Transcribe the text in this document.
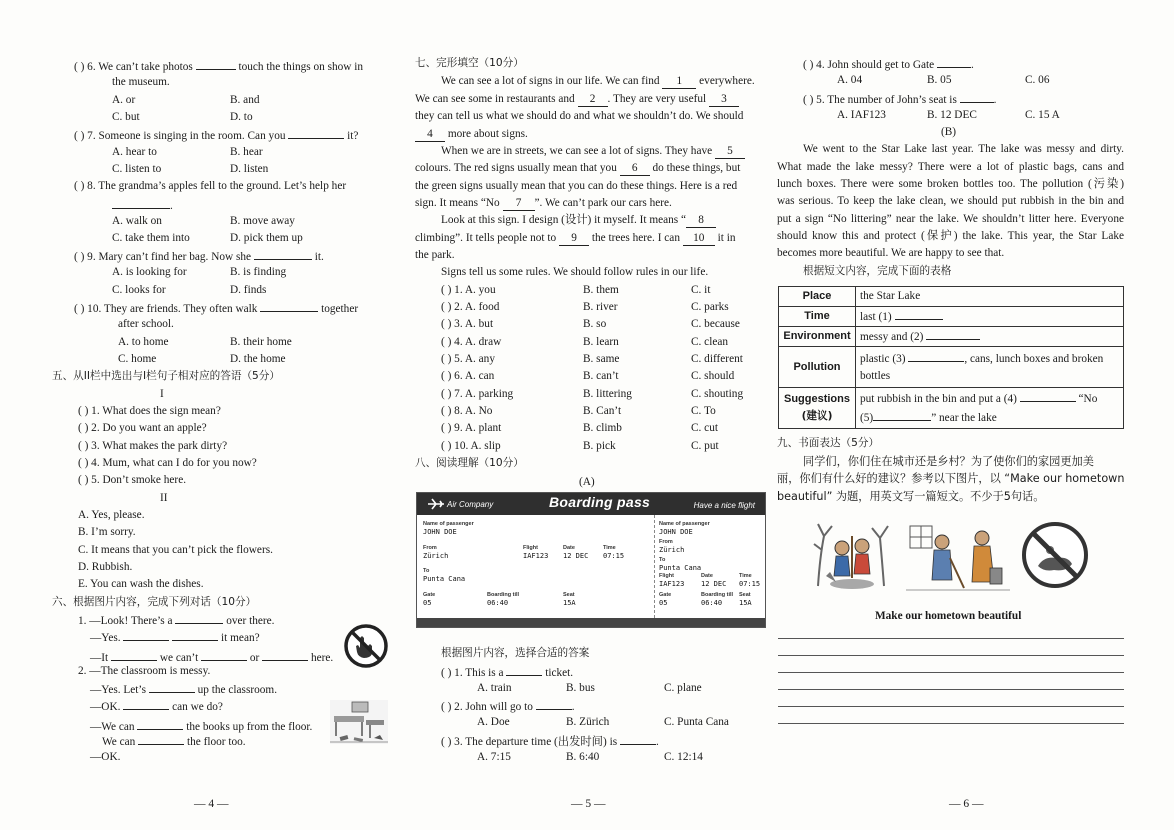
( ) 6. We can’t take photos	touch the things on show in
the museum.
A. or	B. and
C. but	D. to
( ) 7. Someone is singing in the room. Can you	it?
A. hear to	B. hear
C. listen to	D. listen
( ) 8. The grandma’s apples fell to the ground. Let’s help her
.
A. walk on	B. move away
C. take them into	D. pick them up
( ) 9. Mary can’t find her bag. Now she	it.
A. is looking for	B. is finding
C. looks for	D. finds
( ) 10. They are friends. They often walk	together
after school.
A. to home	B. their home
C. home	D. the home
五、从II栏中选出与I栏句子相对应的答语（5分）
I
( ) 1. What does the sign mean?
( ) 2. Do you want an apple?
( ) 3. What makes the park dirty?
( ) 4. Mum, what can I do for you now?
( ) 5. Don’t smoke here.
II
A. Yes, please.
B. I’m sorry.
C. It means that you can’t pick the flowers.
D. Rubbish.
E. You can wash the dishes.
六、根据图片内容，完成下列对话（10分）
1. —Look! There’s a	over there.
—Yes.	it mean?
—It	we can’t	or	here.
2. —The classroom is messy.
—Yes. Let’s	up the classroom.
—OK.	can we do?
—We can	the books up from the floor.
We can	the floor too.
—OK.
— 4 —
七、完形填空（10分）
We can see a lot of signs in our life. We can find 1 everywhere.
We can see some in restaurants and 2 . They are very useful 3
they can tell us what we should do and what we shouldn’t do. We should
4 more about signs.
When we are in streets, we can see a lot of signs. They have 5
colours. The red signs usually mean that you 6 do these things, but
the green signs usually mean that you can do these things. Here is a red
sign. It means “No 7 ”. We can’t park our cars here.
Look at this sign. I design (设计) it myself. It means “ 8
climbing”. It tells people not to 9 the trees here. I can 10 it in
the park.
Signs tell us some rules. We should follow rules in our life.
( ) 1. A. you	B. them	C. it
( ) 2. A. food	B. river	C. parks
( ) 3. A. but	B. so	C. because
( ) 4. A. draw	B. learn	C. clean
( ) 5. A. any	B. same	C. different
( ) 6. A. can	B. can’t	C. should
( ) 7. A. parking	B. littering	C. shouting
( ) 8. A. No	B. Can’t	C. To
( ) 9. A. plant	B. climb	C. cut
( ) 10. A. slip	B. pick	C. put
八、阅读理解（10分）
(A)
根据图片内容，选择合适的答案
( ) 1. This is a	ticket.
A. train	B. bus	C. plane
( ) 2. John will go to	.
A. Doe	B. Zürich	C. Punta Cana
( ) 3. The departure time (出发时间) is	.
A. 7:15	B. 6:40	C. 12:14
— 5 —
Air Company	Boarding pass	Have a nice flight
Name of passenger
JOHN DOE
From
Zürich
Flight
IAF123
Date
12 DEC
Time
07:15
To
Punta Cana
Gate
05
Boarding till
06:40
Seat
15A
Name of passenger
JOHN DOE
From
Zürich
To
Punta Cana
Flight
IAF123
Date
12 DEC
Time
07:15
Gate
05
Boarding till
06:40
Seat
15A
( ) 4. John should get to Gate	.
A. 04	B. 05	C. 06
( ) 5. The number of John’s seat is	.
A. IAF123	B. 12 DEC	C. 15 A
(B)
We went to the Star Lake last year. The lake was messy and dirty.
What made the lake messy? There were a lot of plastic bags, cans and
lunch boxes. There were some broken bottles too. The pollution (污染)
was serious. To keep the lake clean, we should put rubbish in the bin and
put a sign “No littering” near the lake. We shouldn’t litter here. Everyone
should know this and protect (保护) the lake. This year, the Star Lake
becomes more beautiful. We are happy to see that.
根据短文内容，完成下面的表格
九、书面表达（5分）
同学们，你们住在城市还是乡村？为了使你们的家园更加美
丽，你们有什么好的建议？参考以下图片，以 “Make our hometown
beautiful” 为题，用英文写一篇短文。不少于5句话。
Make our hometown beautiful
— 6 —
Place	the Star Lake
Time	last (1)
Environment	messy and (2)
Pollution	plastic (3) , cans, lunch boxes and broken
bottles
Suggestions
(建议)	put rubbish in the bin and put a (4) “No
(5) ” near the lake
